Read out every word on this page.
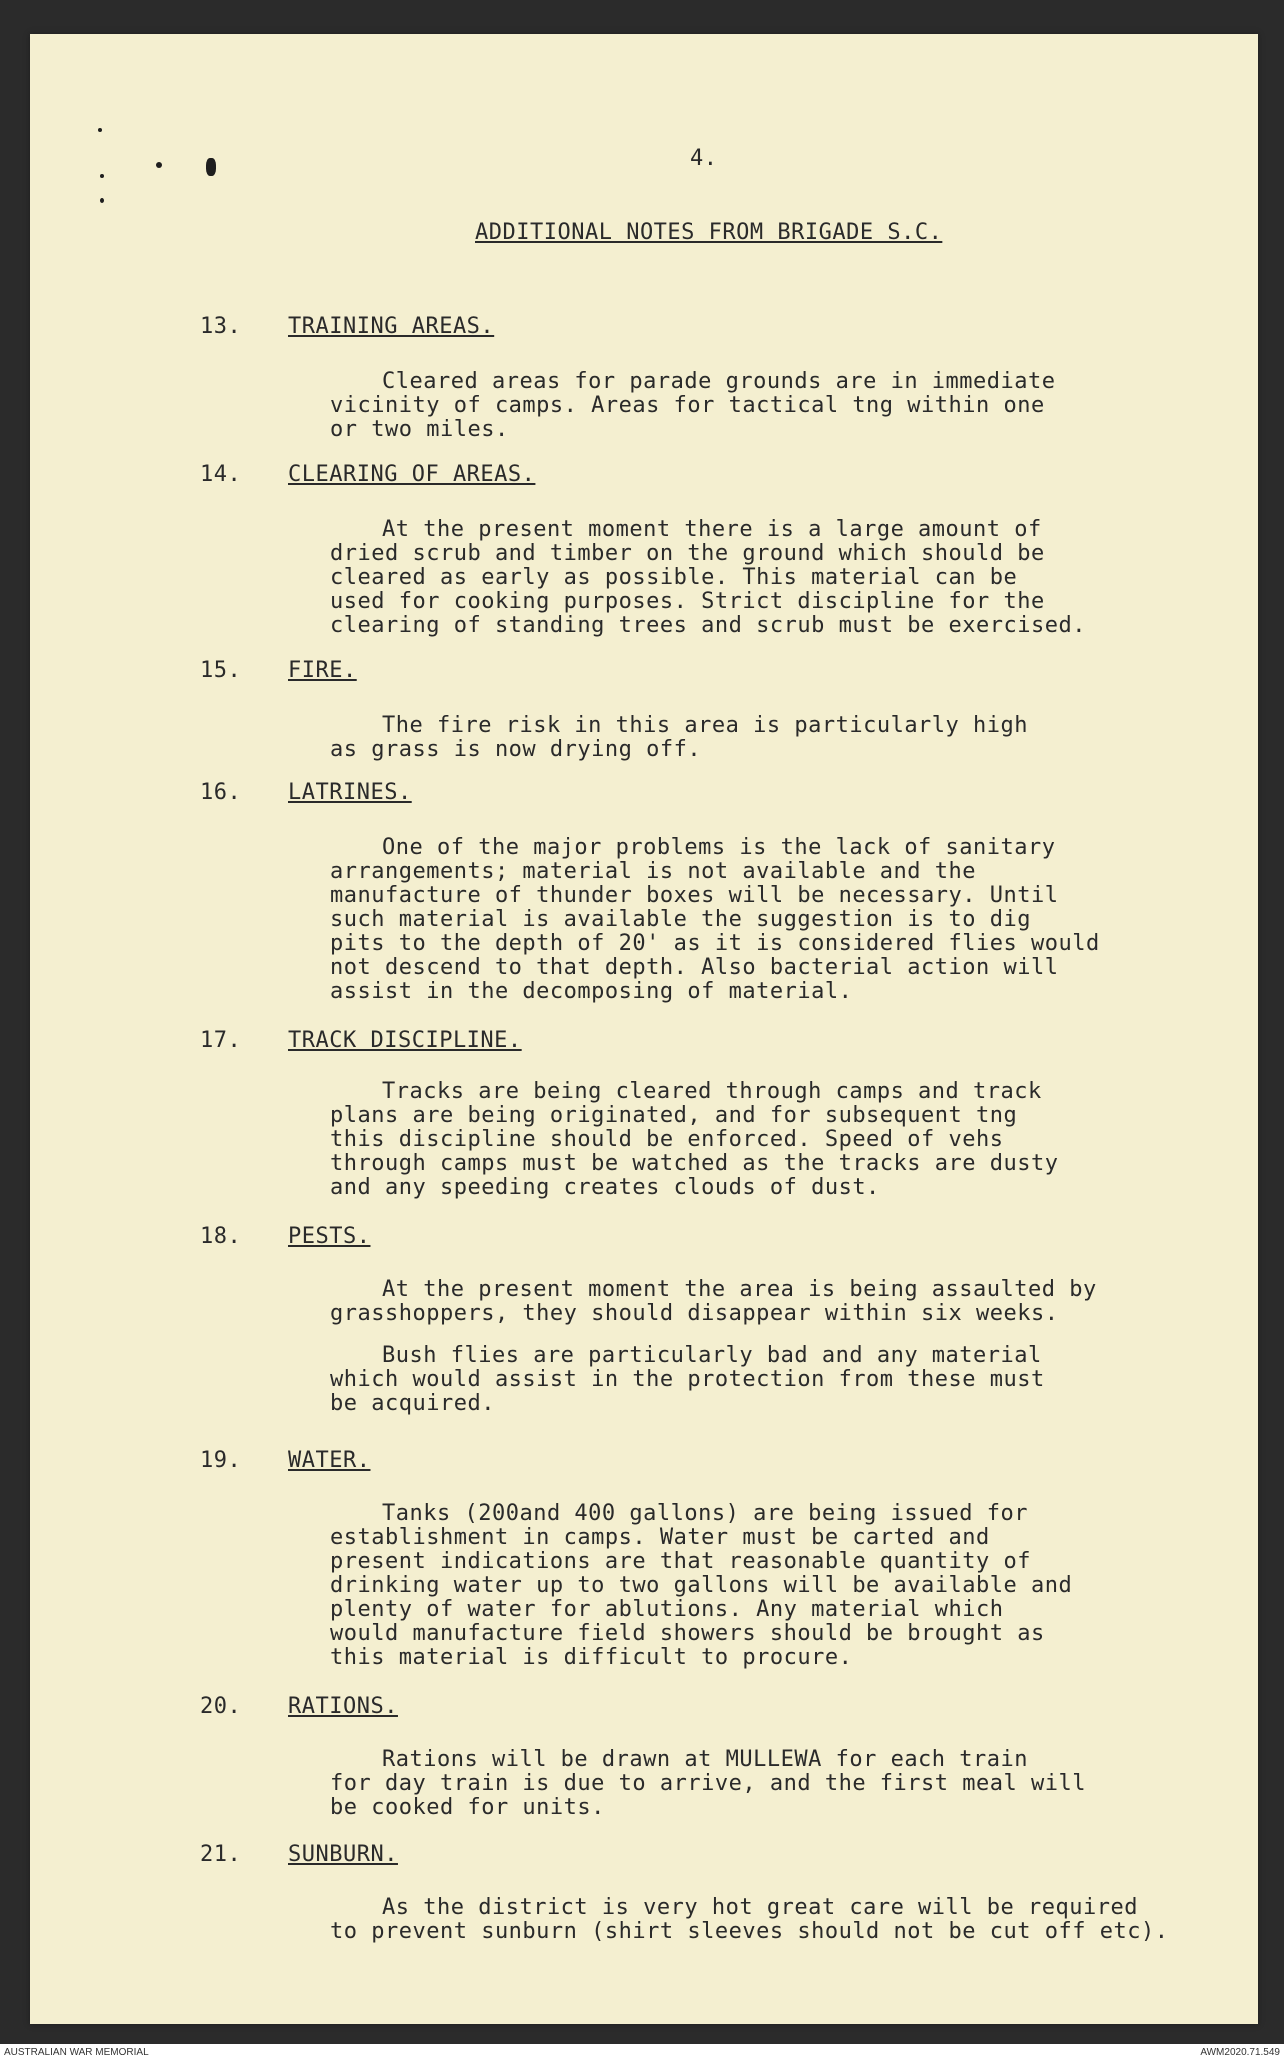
4.
ADDITIONAL NOTES FROM BRIGADE S.C.
13. TRAINING AREAS.

Cleared areas for parade grounds are in immediate
vicinity of camps. Areas for tactical tng within one
or two miles.

14. CLEARING OF AREAS.

At the present moment there is a large amount of
dried scrub and timber on the ground which should be
cleared as early as possible. This material can be
used for cooking purposes. Strict discipline for the
clearing of standing trees and scrub must be exercised.

15. FIRE.

The fire risk in this area is particularly high
as grass is now drying off.

16. LATRINES.

One of the major problems is the lack of sanitary
arrangements; material is not available and the
manufacture of thunder boxes will be necessary. Until
such material is available the suggestion is to dig
pits to the depth of 20' as it is considered flies would
not descend to that depth. Also bacterial action will
assist in the decomposing of material.

17. TRACK DISCIPLINE.

Tracks are being cleared through camps and track
plans are being originated, and for subsequent tng
this discipline should be enforced. Speed of vehs
through camps must be watched as the tracks are dusty
and any speeding creates clouds of dust.

18. PESTS.

At the present moment the area is being assaulted by
grasshoppers, they should disappear within six weeks.

Bush flies are particularly bad and any material
which would assist in the protection from these must
be acquired.

19. WATER.

Tanks (200and 400 gallons) are being issued for
establishment in camps. Water must be carted and
present indications are that reasonable quantity of
drinking water up to two gallons will be available and
plenty of water for ablutions. Any material which
would manufacture field showers should be brought as
this material is difficult to procure.

20. RATIONS.

Rations will be drawn at MULLEWA for each train
for day train is due to arrive, and the first meal will
be cooked for units.

21. SUNBURN.

As the district is very hot great care will be required
to prevent sunburn (shirt sleeves should not be cut off etc).

AUSTRALIAN WAR MEMORIAL	AWM2020.71.549
